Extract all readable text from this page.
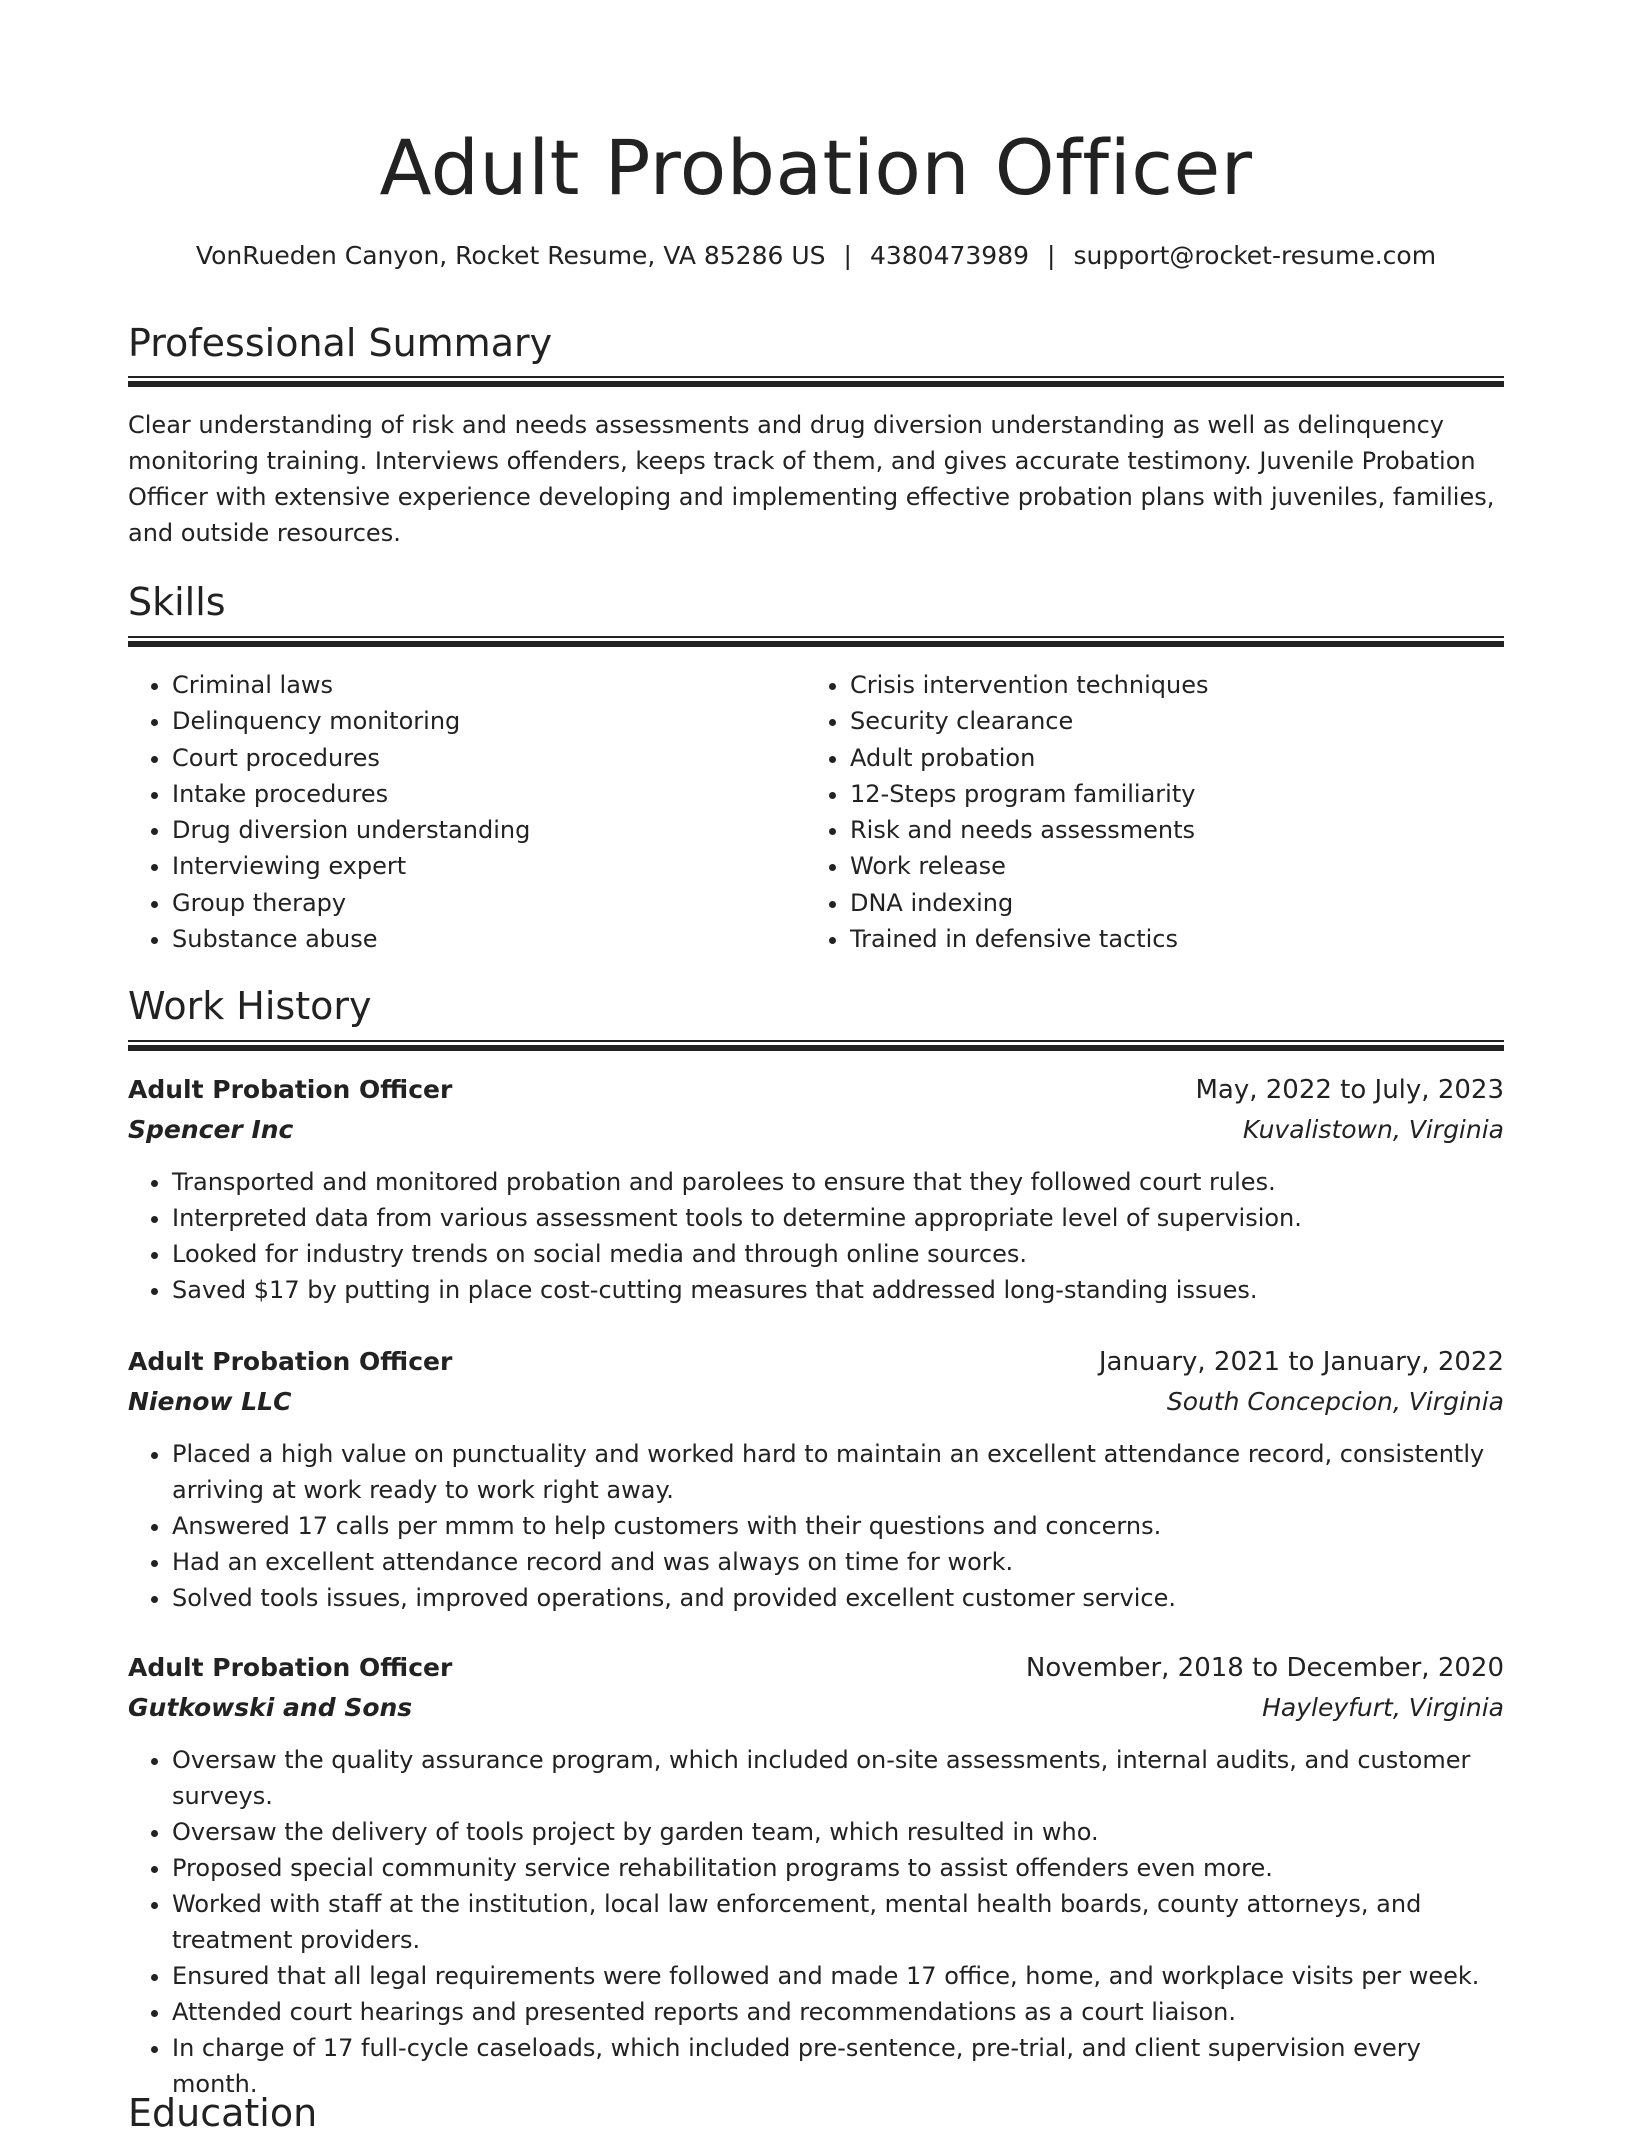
Adult Probation Officer
VonRueden Canyon, Rocket Resume, VA 85286 US | 4380473989 | support@rocket-resume.com
Professional Summary

Clear understanding of risk and needs assessments and drug diversion understanding as well as delinquency monitoring training. Interviews offenders, keeps track of them, and gives accurate testimony. Juvenile Probation Officer with extensive experience developing and implementing effective probation plans with juveniles, families, and outside resources.

Skills
• Criminal laws
• Delinquency monitoring
• Court procedures
• Intake procedures
• Drug diversion understanding
• Interviewing expert
• Group therapy
• Substance abuse
• Crisis intervention techniques
• Security clearance
• Adult probation
• 12-Steps program familiarity
• Risk and needs assessments
• Work release
• DNA indexing
• Trained in defensive tactics
Work History
Adult Probation Officer	May, 2022 to July, 2023
Spencer Inc	Kuvalistown, Virginia
• Transported and monitored probation and parolees to ensure that they followed court rules.
• Interpreted data from various assessment tools to determine appropriate level of supervision.
• Looked for industry trends on social media and through online sources.
• Saved $17 by putting in place cost-cutting measures that addressed long-standing issues.
Adult Probation Officer	January, 2021 to January, 2022
Nienow LLC	South Concepcion, Virginia
• Placed a high value on punctuality and worked hard to maintain an excellent attendance record, consistently arriving at work ready to work right away.
• Answered 17 calls per mmm to help customers with their questions and concerns.
• Had an excellent attendance record and was always on time for work.
• Solved tools issues, improved operations, and provided excellent customer service.
Adult Probation Officer	November, 2018 to December, 2020
Gutkowski and Sons	Hayleyfurt, Virginia
• Oversaw the quality assurance program, which included on-site assessments, internal audits, and customer surveys.
• Oversaw the delivery of tools project by garden team, which resulted in who.
• Proposed special community service rehabilitation programs to assist offenders even more.
• Worked with staff at the institution, local law enforcement, mental health boards, county attorneys, and treatment providers.
• Ensured that all legal requirements were followed and made 17 office, home, and workplace visits per week.
• Attended court hearings and presented reports and recommendations as a court liaison.
• In charge of 17 full-cycle caseloads, which included pre-sentence, pre-trial, and client supervision every month.
Education
